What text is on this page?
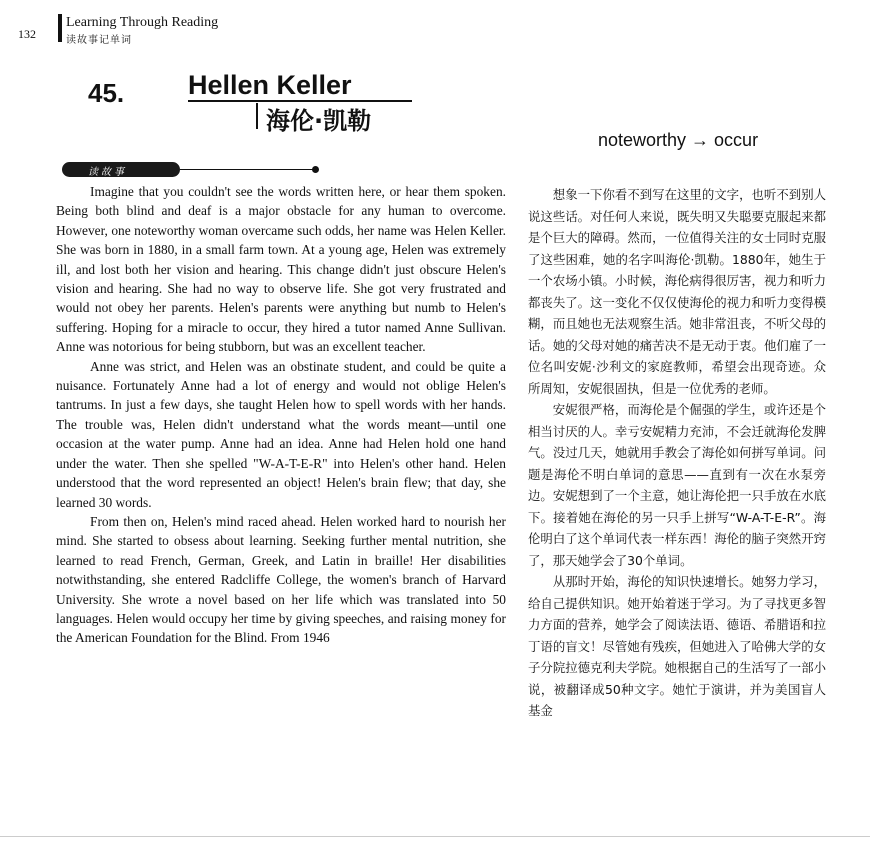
132
Learning Through Reading
读故事记单词
45. Hellen Keller
海伦·凯勒
noteworthy → occur
读故事

Imagine that you couldn't see the words written here, or hear them spoken. Being both blind and deaf is a major obstacle for any human to overcome. However, one noteworthy woman overcame such odds, her name was Helen Keller. She was born in 1880, in a small farm town. At a young age, Helen was extremely ill, and lost both her vision and hearing. This change didn't just obscure Helen's vision and hearing. She had no way to observe life. She got very frustrated and would not obey her parents. Helen's parents were anything but numb to Helen's suffering. Hoping for a miracle to occur, they hired a tutor named Anne Sullivan. Anne was notorious for being stubborn, but was an excellent teacher.

Anne was strict, and Helen was an obstinate student, and could be quite a nuisance. Fortunately Anne had a lot of energy and would not oblige Helen's tantrums. In just a few days, she taught Helen how to spell words with her hands. The trouble was, Helen didn't understand what the words meant—until one occasion at the water pump. Anne had an idea. Anne had Helen hold one hand under the water. Then she spelled "W-A-T-E-R" into Helen's other hand. Helen understood that the word represented an object! Helen's brain flew; that day, she learned 30 words.

From then on, Helen's mind raced ahead. Helen worked hard to nourish her mind. She started to obsess about learning. Seeking further mental nutrition, she learned to read French, German, Greek, and Latin in braille! Her disabilities notwithstanding, she entered Radcliffe College, the women's branch of Harvard University. She wrote a novel based on her life which was translated into 50 languages. Helen would occupy her time by giving speeches, and raising money for the American Foundation for the Blind. From 1946

想象一下你看不到写在这里的文字，也听不到别人说这些话。对任何人来说，既失明又失聪要克服起来都是个巨大的障碍。然而，一位值得关注的女士同时克服了这些困难，她的名字叫海伦·凯勒。1880年，她生于一个农场小镇。小时候，海伦病得很厉害，视力和听力都丧失了。这一变化不仅仅使海伦的视力和听力变得模糊，而且她也无法观察生活。她非常沮丧，不听父母的话。她的父母对她的痛苦决不是无动于衷。他们雇了一位名叫安妮·沙利文的家庭教师，希望会出现奇迹。众所周知，安妮很固执，但是一位优秀的老师。

安妮很严格，而海伦是个倔强的学生，或许还是个相当讨厌的人。幸亏安妮精力充沛，不会迁就海伦发脾气。没过几天，她就用手教会了海伦如何拼写单词。问题是海伦不明白单词的意思——直到有一次在水泵旁边。安妮想到了一个主意，她让海伦把一只手放在水底下。接着她在海伦的另一只手上拼写“W-A-T-E-R”。海伦明白了这个单词代表一样东西！海伦的脑子突然开窍了，那天她学会了30个单词。

从那时开始，海伦的知识快速增长。她努力学习，给自己提供知识。她开始着迷于学习。为了寻找更多智力方面的营养，她学会了阅读法语、德语、希腊语和拉丁语的盲文！尽管她有残疾，但她进入了哈佛大学的女子分院拉德克利夫学院。她根据自己的生活写了一部小说，被翻译成50种文字。她忙于演讲，并为美国盲人基金
